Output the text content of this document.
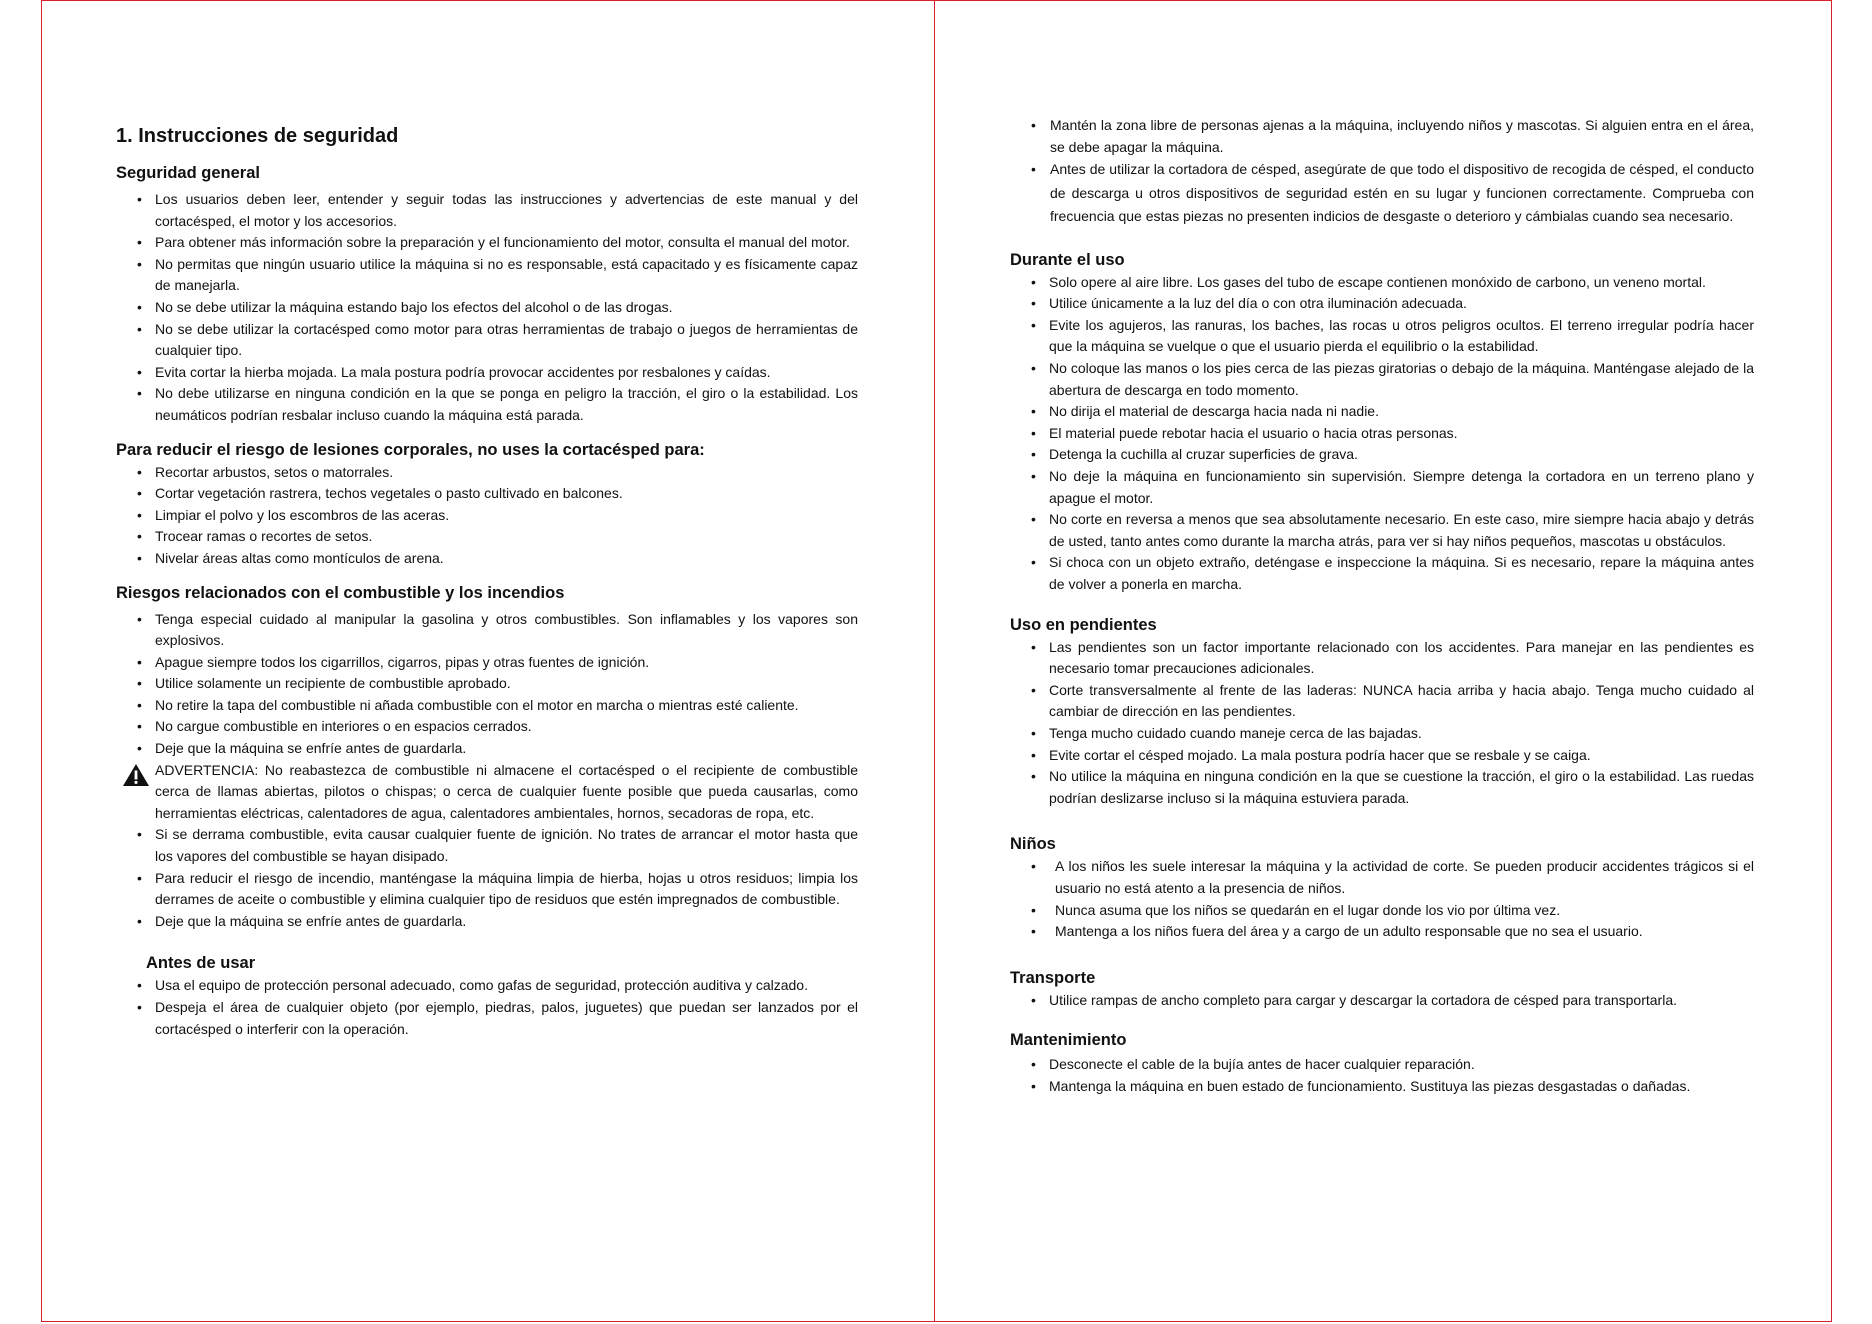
1. Instrucciones de seguridad
Seguridad general
• Los usuarios deben leer, entender y seguir todas las instrucciones y advertencias de este manual y del cortacésped, el motor y los accesorios.
• Para obtener más información sobre la preparación y el funcionamiento del motor, consulta el manual del motor.
• No permitas que ningún usuario utilice la máquina si no es responsable, está capacitado y es físicamente capaz de manejarla.
• No se debe utilizar la máquina estando bajo los efectos del alcohol o de las drogas.
• No se debe utilizar la cortacésped como motor para otras herramientas de trabajo o juegos de herramientas de cualquier tipo.
• Evita cortar la hierba mojada. La mala postura podría provocar accidentes por resbalones y caídas.
• No debe utilizarse en ninguna condición en la que se ponga en peligro la tracción, el giro o la estabilidad. Los neumáticos podrían resbalar incluso cuando la máquina está parada.
Para reducir el riesgo de lesiones corporales, no uses la cortacésped para:
• Recortar arbustos, setos o matorrales.
• Cortar vegetación rastrera, techos vegetales o pasto cultivado en balcones.
• Limpiar el polvo y los escombros de las aceras.
• Trocear ramas o recortes de setos.
• Nivelar áreas altas como montículos de arena.
Riesgos relacionados con el combustible y los incendios
• Tenga especial cuidado al manipular la gasolina y otros combustibles. Son inflamables y los vapores son explosivos.
• Apague siempre todos los cigarrillos, cigarros, pipas y otras fuentes de ignición.
• Utilice solamente un recipiente de combustible aprobado.
• No retire la tapa del combustible ni añada combustible con el motor en marcha o mientras esté caliente.
• No cargue combustible en interiores o en espacios cerrados.
• Deje que la máquina se enfríe antes de guardarla.
ADVERTENCIA: No reabastezca de combustible ni almacene el cortacésped o el recipiente de combustible cerca de llamas abiertas, pilotos o chispas; o cerca de cualquier fuente posible que pueda causarlas, como herramientas eléctricas, calentadores de agua, calentadores ambientales, hornos, secadoras de ropa, etc.
• Si se derrama combustible, evita causar cualquier fuente de ignición. No trates de arrancar el motor hasta que los vapores del combustible se hayan disipado.
• Para reducir el riesgo de incendio, manténgase la máquina limpia de hierba, hojas u otros residuos; limpia los derrames de aceite o combustible y elimina cualquier tipo de residuos que estén impregnados de combustible.
• Deje que la máquina se enfríe antes de guardarla.
Antes de usar
• Usa el equipo de protección personal adecuado, como gafas de seguridad, protección auditiva y calzado.
• Despeja el área de cualquier objeto (por ejemplo, piedras, palos, juguetes) que puedan ser lanzados por el cortacésped o interferir con la operación.
• Mantén la zona libre de personas ajenas a la máquina, incluyendo niños y mascotas. Si alguien entra en el área, se debe apagar la máquina.
• Antes de utilizar la cortadora de césped, asegúrate de que todo el dispositivo de recogida de césped, el conducto de descarga u otros dispositivos de seguridad estén en su lugar y funcionen correctamente. Comprueba con frecuencia que estas piezas no presenten indicios de desgaste o deterioro y cámbialas cuando sea necesario.
Durante el uso
• Solo opere al aire libre. Los gases del tubo de escape contienen monóxido de carbono, un veneno mortal.
• Utilice únicamente a la luz del día o con otra iluminación adecuada.
• Evite los agujeros, las ranuras, los baches, las rocas u otros peligros ocultos. El terreno irregular podría hacer que la máquina se vuelque o que el usuario pierda el equilibrio o la estabilidad.
• No coloque las manos o los pies cerca de las piezas giratorias o debajo de la máquina. Manténgase alejado de la abertura de descarga en todo momento.
• No dirija el material de descarga hacia nada ni nadie.
• El material puede rebotar hacia el usuario o hacia otras personas.
• Detenga la cuchilla al cruzar superficies de grava.
• No deje la máquina en funcionamiento sin supervisión. Siempre detenga la cortadora en un terreno plano y apague el motor.
• No corte en reversa a menos que sea absolutamente necesario. En este caso, mire siempre hacia abajo y detrás de usted, tanto antes como durante la marcha atrás, para ver si hay niños pequeños, mascotas u obstáculos.
• Si choca con un objeto extraño, deténgase e inspeccione la máquina. Si es necesario, repare la máquina antes de volver a ponerla en marcha.
Uso en pendientes
• Las pendientes son un factor importante relacionado con los accidentes. Para manejar en las pendientes es necesario tomar precauciones adicionales.
• Corte transversalmente al frente de las laderas: NUNCA hacia arriba y hacia abajo. Tenga mucho cuidado al cambiar de dirección en las pendientes.
• Tenga mucho cuidado cuando maneje cerca de las bajadas.
• Evite cortar el césped mojado. La mala postura podría hacer que se resbale y se caiga.
• No utilice la máquina en ninguna condición en la que se cuestione la tracción, el giro o la estabilidad. Las ruedas podrían deslizarse incluso si la máquina estuviera parada.
Niños
• A los niños les suele interesar la máquina y la actividad de corte. Se pueden producir accidentes trágicos si el usuario no está atento a la presencia de niños.
• Nunca asuma que los niños se quedarán en el lugar donde los vio por última vez.
• Mantenga a los niños fuera del área y a cargo de un adulto responsable que no sea el usuario.
Transporte
• Utilice rampas de ancho completo para cargar y descargar la cortadora de césped para transportarla.
Mantenimiento
• Desconecte el cable de la bujía antes de hacer cualquier reparación.
• Mantenga la máquina en buen estado de funcionamiento. Sustituya las piezas desgastadas o dañadas.
